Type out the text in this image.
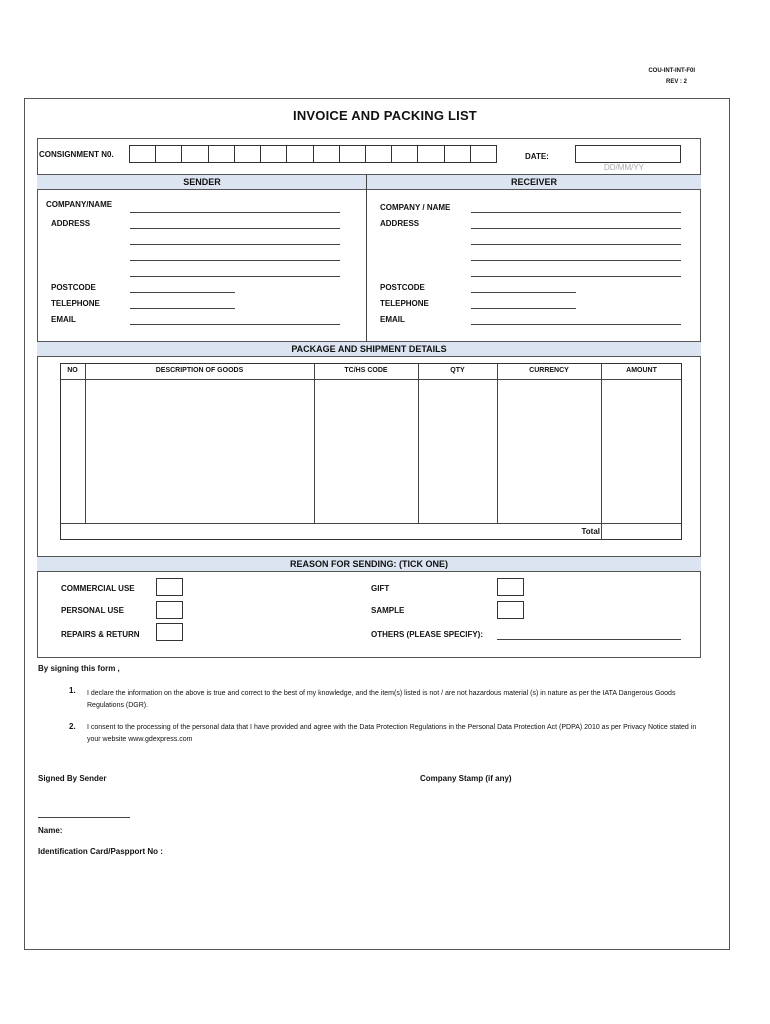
COU-INT-INT-F0I
REV : 2
INVOICE AND PACKING LIST
CONSIGNMENT N0.	DATE:
DD/MM/YY
SENDER	RECEIVER
COMPANY/NAME
ADDRESS
POSTCODE
TELEPHONE
EMAIL
COMPANY / NAME
ADDRESS
POSTCODE
TELEPHONE
EMAIL
PACKAGE AND SHIPMENT DETAILS
NO	DESCRIPTION OF GOODS	TC/HS CODE	QTY	CURRENCY	AMOUNT
Total
REASON FOR SENDING: (TICK ONE)
COMMERCIAL USE
PERSONAL USE
REPAIRS & RETURN
GIFT
SAMPLE
OTHERS (PLEASE SPECIFY):
By signing this form ,
1. I declare the information on the above is true and correct to the best of my knowledge, and the item(s) listed is not / are not hazardous material (s) in nature as per the IATA Dangerous Goods Regulations (DGR).
2. I consent to the processing of the personal data that I have provided and agree with the Data Protection Regulations in the Personal Data Protection Act (PDPA) 2010 as per Privacy Notice stated in your website www.gdexpress.com
Signed By Sender	Company Stamp (if any)
Name:
Identification Card/Paspport No :
